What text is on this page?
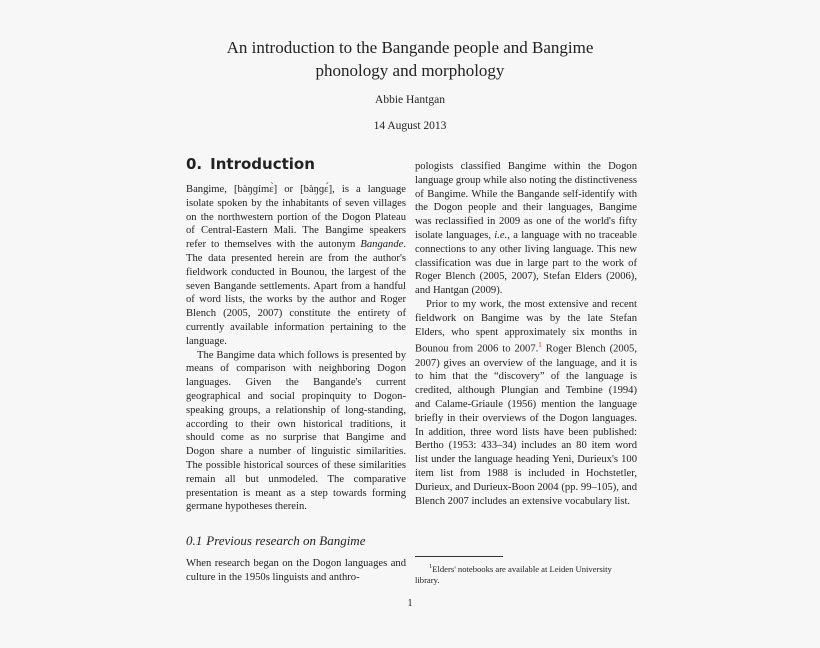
An introduction to the Bangande people and Bangime
phonology and morphology
Abbie Hantgan
14 August 2013
0. Introduction

Bangime, [bàŋɡímɛ̀] or [bàŋɡɛ́], is a language isolate spoken by the inhabitants of seven villages on the northwestern portion of the Dogon Plateau of Central-Eastern Mali. The Bangime speakers refer to themselves with the autonym Bangande. The data presented herein are from the author's fieldwork conducted in Bounou, the largest of the seven Bangande settlements. Apart from a handful of word lists, the works by the author and Roger Blench (2005, 2007) constitute the entirety of currently available information pertaining to the language.

The Bangime data which follows is presented by means of comparison with neighboring Dogon languages. Given the Bangande's current geographical and social propinquity to Dogon-speaking groups, a relationship of long-standing, according to their own historical traditions, it should come as no surprise that Bangime and Dogon share a number of linguistic similarities. The possible historical sources of these similarities remain all but unmodeled. The comparative presentation is meant as a step towards forming germane hypotheses therein.

0.1 Previous research on Bangime

When research began on the Dogon languages and culture in the 1950s linguists and anthro-

pologists classified Bangime within the Dogon language group while also noting the distinctiveness of Bangime. While the Bangande self-identify with the Dogon people and their languages, Bangime was reclassified in 2009 as one of the world's fifty isolate languages, i.e., a language with no traceable connections to any other living language. This new classification was due in large part to the work of Roger Blench (2005, 2007), Stefan Elders (2006), and Hantgan (2009).

Prior to my work, the most extensive and recent fieldwork on Bangime was by the late Stefan Elders, who spent approximately six months in Bounou from 2006 to 2007.$^1$ Roger Blench (2005, 2007) gives an overview of the language, and it is to him that the “discovery” of the language is credited, although Plungian and Tembine (1994) and Calame-Griaule (1956) mention the language briefly in their overviews of the Dogon languages. In addition, three word lists have been published: Bertho (1953: 433–34) includes an 80 item word list under the language heading Yeni, Durieux's 100 item list from 1988 is included in Hochstetler, Durieux, and Durieux-Boon 2004 (pp. 99–105), and Blench 2007 includes an extensive vocabulary list.

$^1$Elders' notebooks are available at Leiden University library.
1
